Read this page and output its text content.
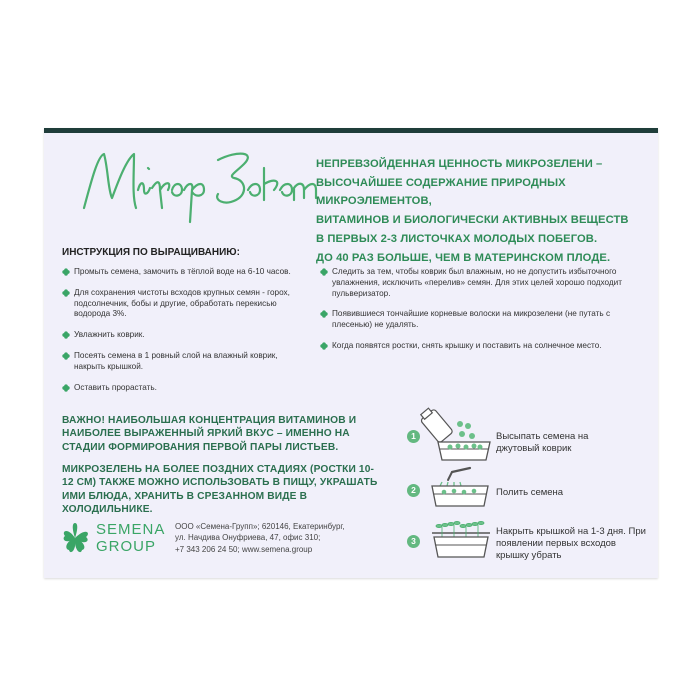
НЕПРЕВЗОЙДЕННАЯ ЦЕННОСТЬ МИКРОЗЕЛЕНИ –
ВЫСОЧАЙШЕЕ СОДЕРЖАНИЕ ПРИРОДНЫХ МИКРОЭЛЕМЕНТОВ,
ВИТАМИНОВ И БИОЛОГИЧЕСКИ АКТИВНЫХ ВЕЩЕСТВ
В ПЕРВЫХ 2-3 ЛИСТОЧКАХ МОЛОДЫХ ПОБЕГОВ.
ДО 40 РАЗ БОЛЬШЕ, ЧЕМ В МАТЕРИНСКОМ ПЛОДЕ.
ИНСТРУКЦИЯ ПО ВЫРАЩИВАНИЮ:
Промыть семена, замочить в тёплой воде на 6-10 часов.
Для сохранения чистоты всходов крупных семян - горох, подсолнечник, бобы и другие, обработать перекисью водорода 3%.
Увлажнить коврик.
Посеять семена в 1 ровный слой на влажный коврик, накрыть крышкой.
Оставить прорастать.
Следить за тем, чтобы коврик был влажным, но не допустить избыточного увлажнения, исключить «перелив» семян. Для этих целей хорошо подходит пульверизатор.
Появившиеся тончайшие корневые волоски на микрозелени (не путать с плесенью) не удалять.
Когда появятся ростки, снять крышку и поставить на солнечное место.
ВАЖНО! НАИБОЛЬШАЯ КОНЦЕНТРАЦИЯ ВИТАМИНОВ И НАИБОЛЕЕ ВЫРАЖЕННЫЙ ЯРКИЙ ВКУС – ИМЕННО НА СТАДИИ ФОРМИРОВАНИЯ ПЕРВОЙ ПАРЫ ЛИСТЬЕВ.
МИКРОЗЕЛЕНЬ НА БОЛЕЕ ПОЗДНИХ СТАДИЯХ (РОСТКИ 10-12 СМ) ТАКЖЕ МОЖНО ИСПОЛЬЗОВАТЬ В ПИЩУ, УКРАШАТЬ ИМИ БЛЮДА, ХРАНИТЬ В СРЕЗАННОМ ВИДЕ В ХОЛОДИЛЬНИКЕ.
SEMENA
GROUP
ООО «Семена-Групп»; 620146, Екатеринбург,
ул. Начдива Онуфриева, 47, офис 310;
+7 343 206 24 50; www.semena.group
1	Высыпать семена на джутовый коврик
2	Полить семена
3
Накрыть крышкой на 1-3 дня. При появлении первых всходов крышку убрать
